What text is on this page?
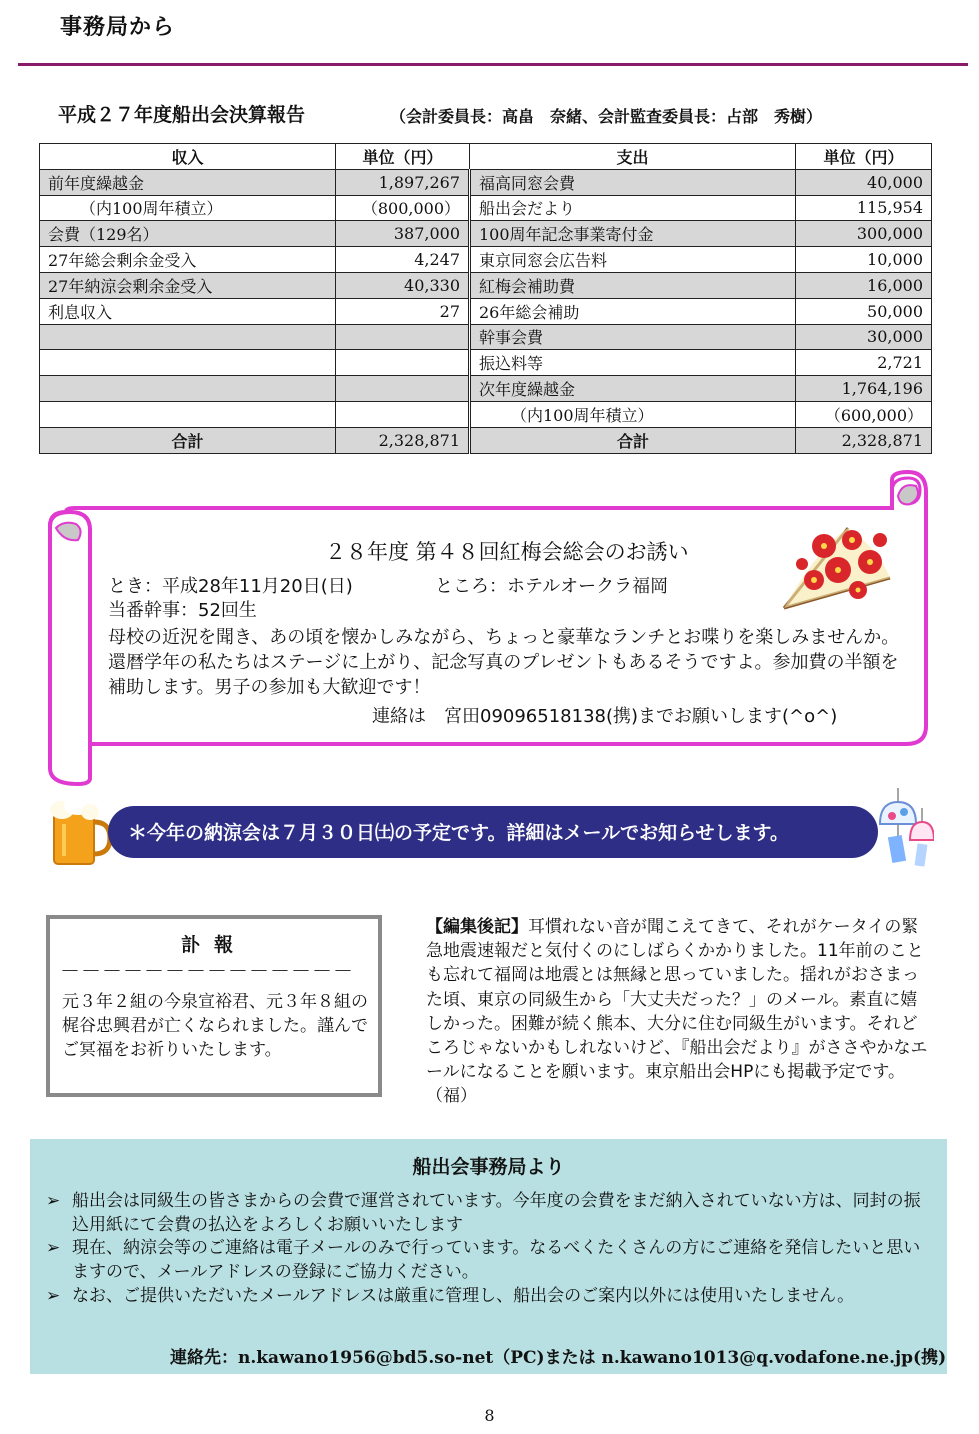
事務局から
平成２７年度船出会決算報告	（会計委員長：高畠　奈緒、会計監査委員長：占部　秀樹）
収入	単位（円）	支出	単位（円）
前年度繰越金	1,897,267	福高同窓会費	40,000
（内100周年積立）	（800,000）	船出会だより	115,954
会費（129名）	387,000	100周年記念事業寄付金	300,000
27年総会剰余金受入	4,247	東京同窓会広告料	10,000
27年納涼会剰余金受入	40,330	紅梅会補助費	16,000
利息収入	27	26年総会補助	50,000
		幹事会費	30,000
		振込料等	2,721
		次年度繰越金	1,764,196
		（内100周年積立）	（600,000）
合計	2,328,871	合計	2,328,871
２８年度 第４８回紅梅会総会のお誘い
とき：平成28年11月20日(日)	ところ：ホテルオークラ福岡
当番幹事：52回生
母校の近況を聞き、あの頃を懐かしみながら、ちょっと豪華なランチとお喋りを楽しみませんか。還暦学年の私たちはステージに上がり、記念写真のプレゼントもあるそうですよ。参加費の半額を補助します。男子の参加も大歓迎です！
連絡は　宮田09096518138(携)までお願いします(^o^)
＊今年の納涼会は７月３０日㈯の予定です。詳細はメールでお知らせします。
訃報
－－－－－－－－－－－－－－
元３年２組の今泉宣裕君、元３年８組の梶谷忠興君が亡くなられました。謹んでご冥福をお祈りいたします。
【編集後記】耳慣れない音が聞こえてきて、それがケータイの緊急地震速報だと気付くのにしばらくかかりました。11年前のことも忘れて福岡は地震とは無縁と思っていました。揺れがおさまった頃、東京の同級生から「大丈夫だった？」のメール。素直に嬉しかった。困難が続く熊本、大分に住む同級生がいます。それどころじゃないかもしれないけど、『船出会だより』がささやかなエールになることを願います。東京船出会HPにも掲載予定です。（福）
船出会事務局より
➢ 船出会は同級生の皆さまからの会費で運営されています。今年度の会費をまだ納入されていない方は、同封の振込用紙にて会費の払込をよろしくお願いいたします
➢ 現在、納涼会等のご連絡は電子メールのみで行っています。なるべくたくさんの方にご連絡を発信したいと思いますので、メールアドレスの登録にご協力ください。
➢ なお、ご提供いただいたメールアドレスは厳重に管理し、船出会のご案内以外には使用いたしません。
連絡先：n.kawano1956@bd5.so-net（PC)または n.kawano1013@q.vodafone.ne.jp(携)
8
